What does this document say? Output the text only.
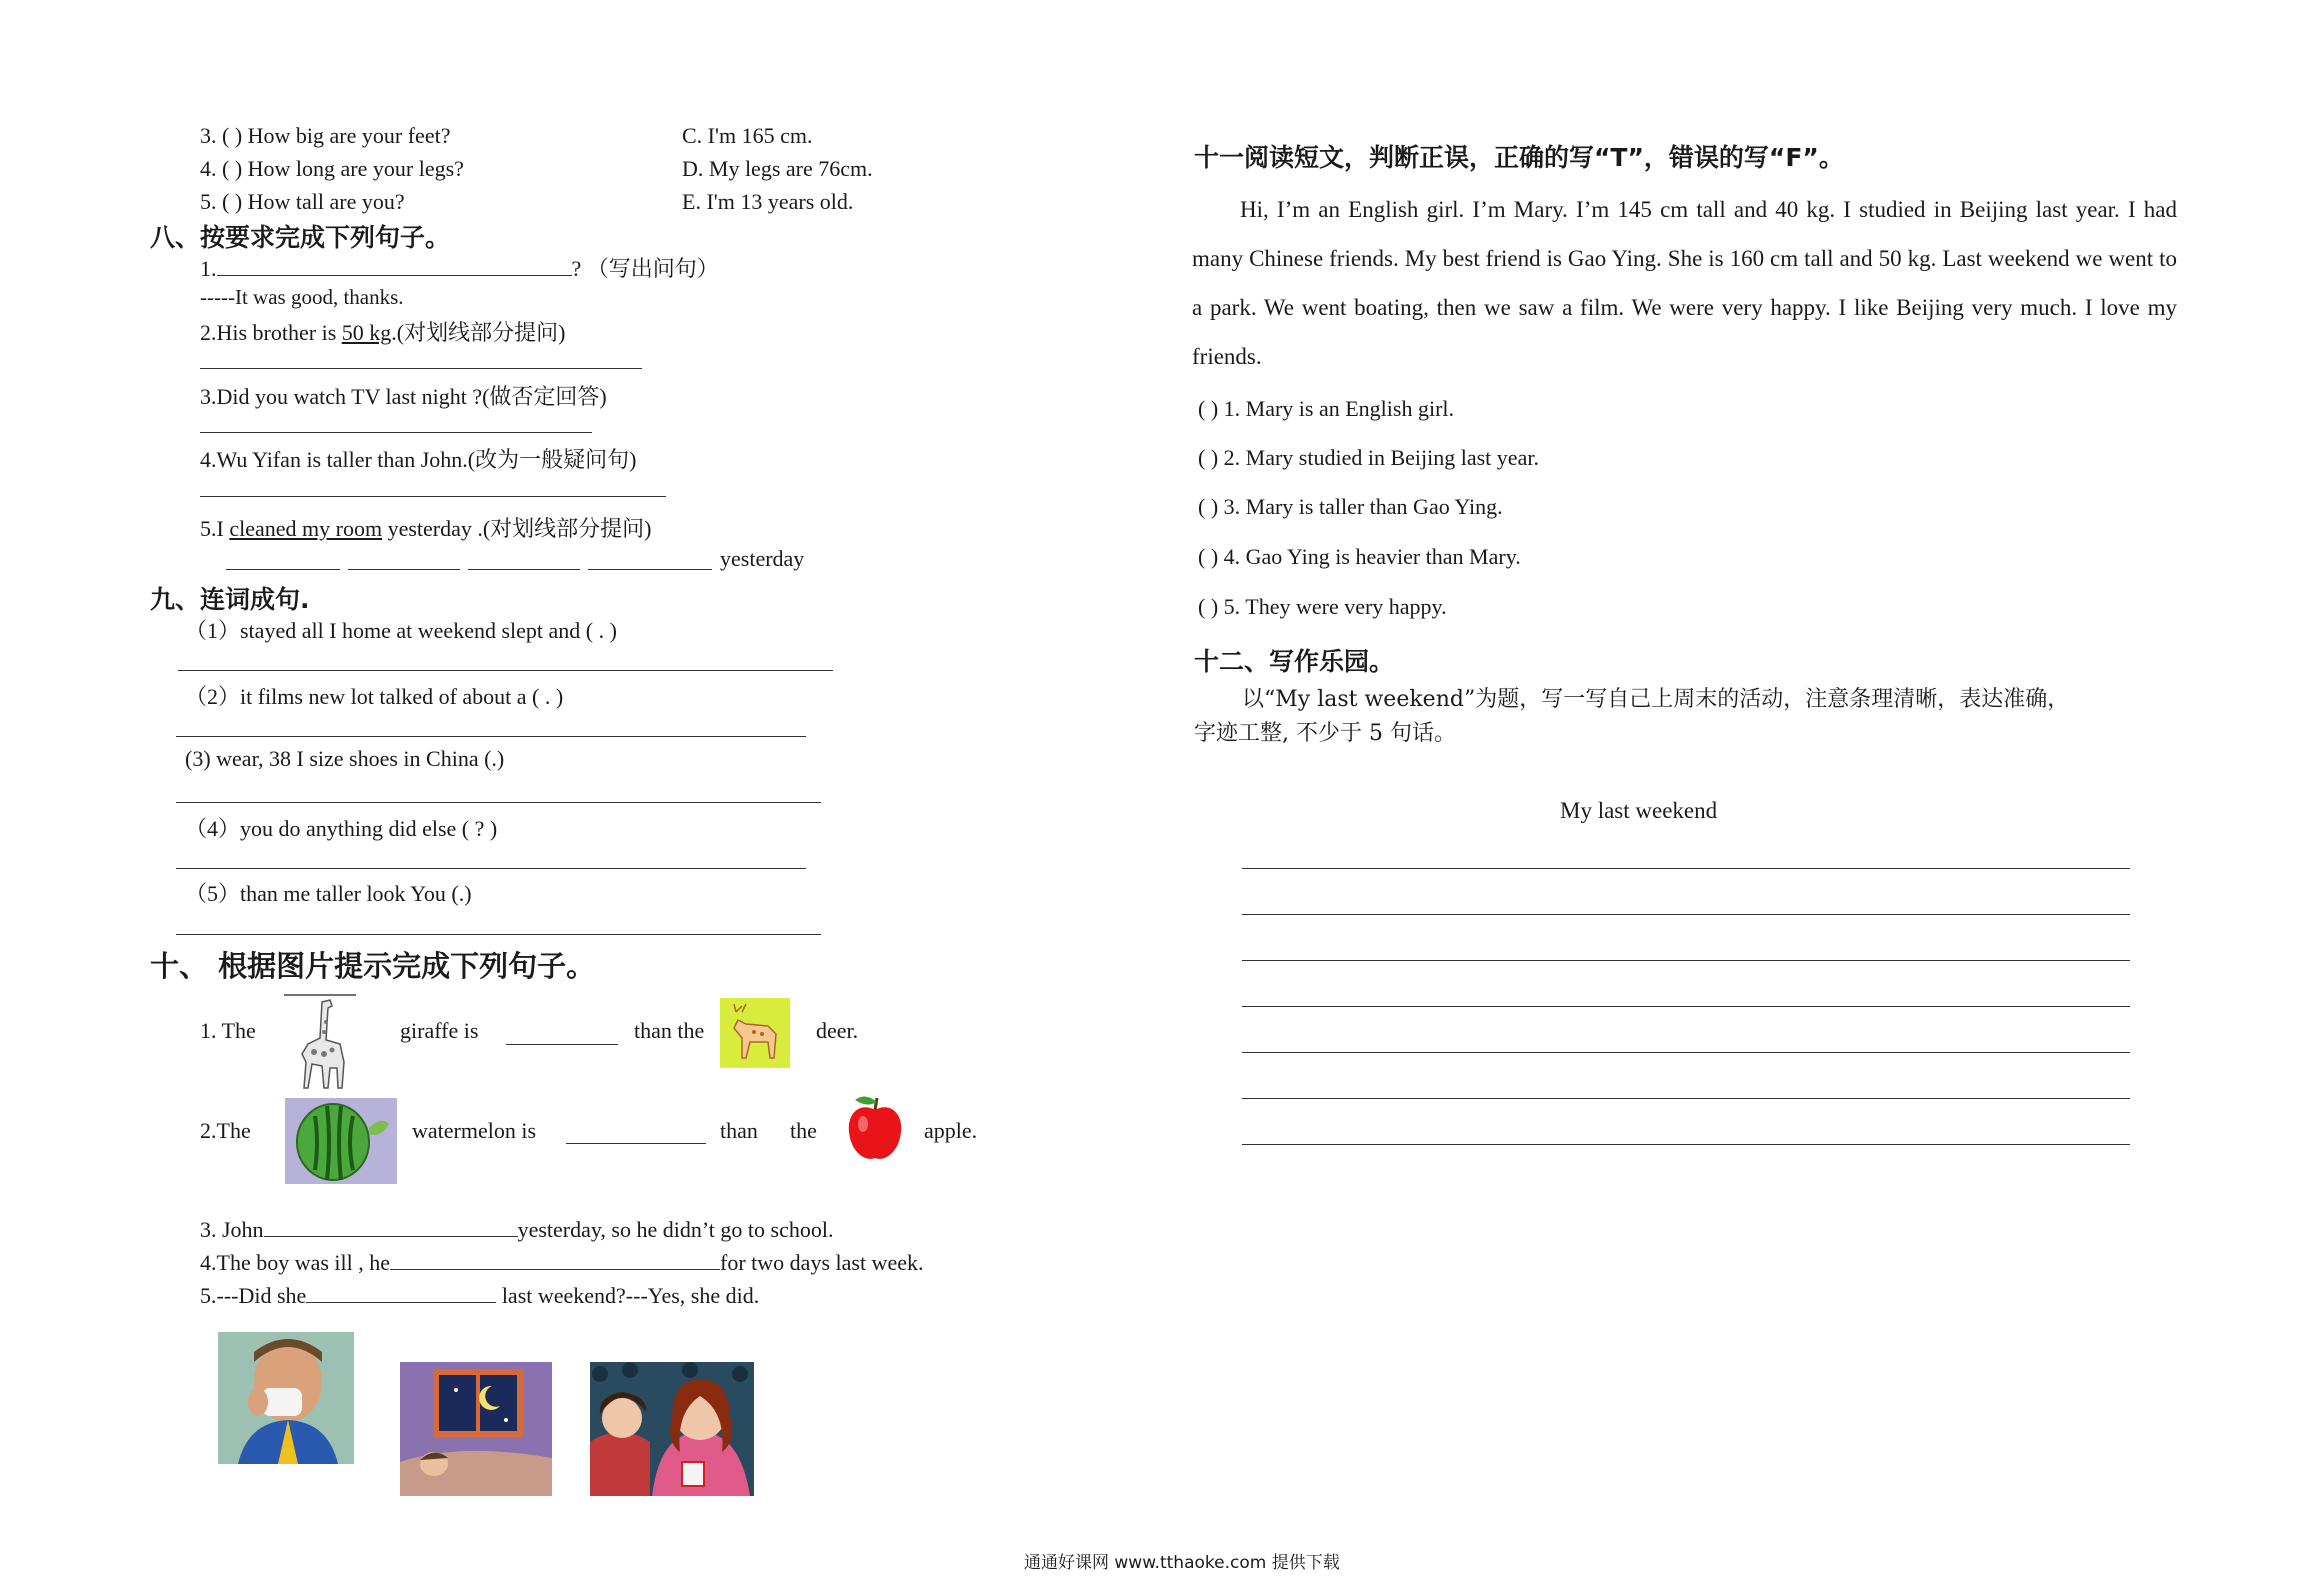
3. ( ) How big are your feet?	C. I'm 165 cm.
4. ( ) How long are your legs?	D. My legs are 76cm.
5. ( ) How tall are you?	E. I'm 13 years old.
八、按要求完成下列句子。
1.	? （写出问句）
-----It was good, thanks.
2.His brother is 50 kg.(对划线部分提问)
3.Did you watch TV last night ?(做否定回答)
4.Wu Yifan is taller than John.(改为一般疑问句)
5.I cleaned my room yesterday .(对划线部分提问)
yesterday
九、连词成句.
（1）stayed all I home at weekend slept and ( . )
（2）it films new lot talked of about a ( . )
(3) wear, 38 I size shoes in China (.)
（4）you do anything did else ( ? )
（5）than me taller look You (.)
十、 根据图片提示完成下列句子。
1. The	giraffe is	than the	deer.
2.The	watermelon is	than the	apple.
3. John	yesterday, so he didn’t go to school.
4.The boy was ill , he	for two days last week.
5.---Did she	last weekend?---Yes, she did.
十一阅读短文，判断正误，正确的写“T”，错误的写“F”。
Hi, I’m an English girl. I’m Mary. I’m 145 cm tall and 40 kg. I studied in Beijing last year. I had many Chinese friends. My best friend is Gao Ying. She is 160 cm tall and 50 kg. Last weekend we went to a park. We went boating, then we saw a film. We were very happy. I like Beijing very much. I love my friends.
( ) 1. Mary is an English girl.
( ) 2. Mary studied in Beijing last year.
( ) 3. Mary is taller than Gao Ying.
( ) 4. Gao Ying is heavier than Mary.
( ) 5. They were very happy.
十二、写作乐园。
以“My last weekend”为题，写一写自己上周末的活动，注意条理清晰，表达准确，
字迹工整, 不少于 5 句话。
My last weekend
通通好课网 www.tthaoke.com 提供下载
